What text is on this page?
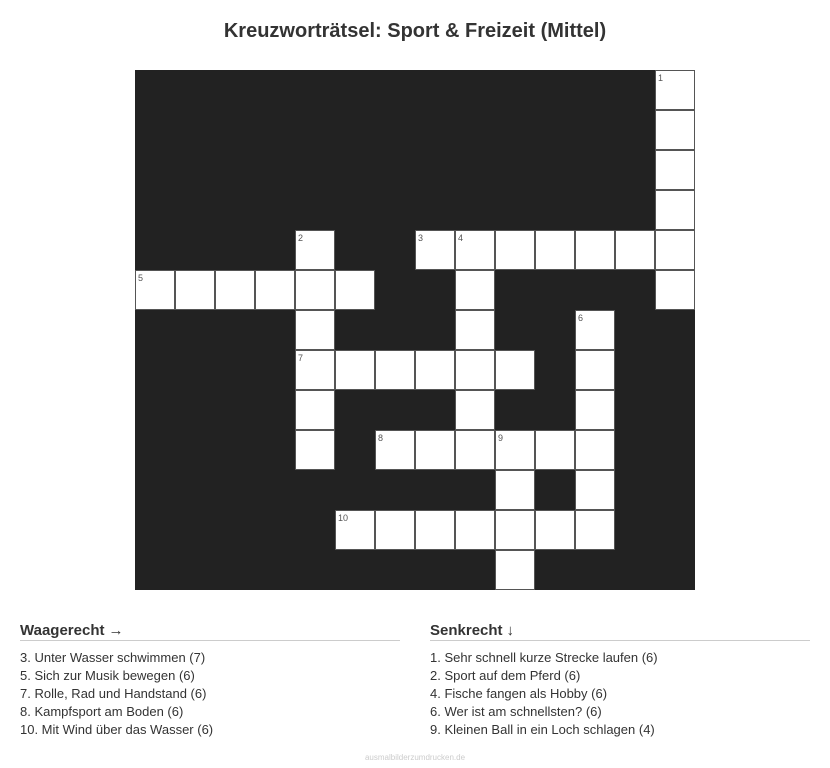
Kreuzworträtsel: Sport & Freizeit (Mittel)
1
2	3	4
5
6
7
8	9
10
Waagerecht →
3. Unter Wasser schwimmen (7)
5. Sich zur Musik bewegen (6)
7. Rolle, Rad und Handstand (6)
8. Kampfsport am Boden (6)
10. Mit Wind über das Wasser (6)
Senkrecht ↓
1. Sehr schnell kurze Strecke laufen (6)
2. Sport auf dem Pferd (6)
4. Fische fangen als Hobby (6)
6. Wer ist am schnellsten? (6)
9. Kleinen Ball in ein Loch schlagen (4)
ausmalbilderzumdrucken.de
